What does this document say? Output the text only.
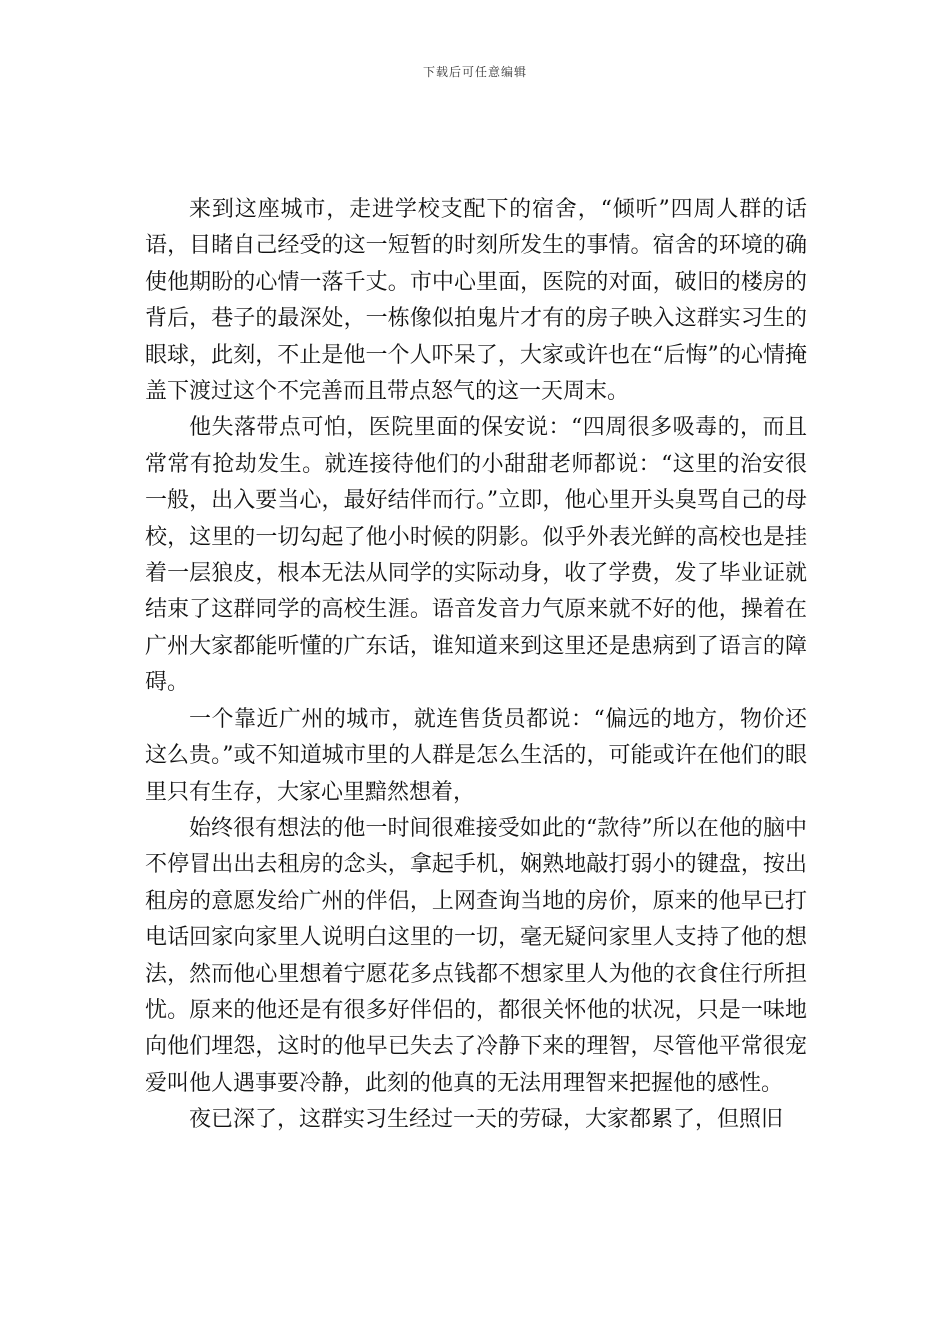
下载后可任意编辑

来到这座城市，走进学校支配下的宿舍，“倾听”四周人群的话语，目睹自己经受的这一短暂的时刻所发生的事情。宿舍的环境的确使他期盼的心情一落千丈。市中心里面，医院的对面，破旧的楼房的背后，巷子的最深处，一栋像似拍鬼片才有的房子映入这群实习生的眼球，此刻，不止是他一个人吓呆了，大家或许也在“后悔”的心情掩盖下渡过这个不完善而且带点怒气的这一天周末。

他失落带点可怕，医院里面的保安说：“四周很多吸毒的，而且常常有抢劫发生。就连接待他们的小甜甜老师都说：“这里的治安很一般，出入要当心，最好结伴而行。”立即，他心里开头臭骂自己的母校，这里的一切勾起了他小时候的阴影。似乎外表光鲜的高校也是挂着一层狼皮，根本无法从同学的实际动身，收了学费，发了毕业证就结束了这群同学的高校生涯。语音发音力气原来就不好的他，操着在广州大家都能听懂的广东话，谁知道来到这里还是患病到了语言的障碍。

一个靠近广州的城市，就连售货员都说：“偏远的地方，物价还这么贵。”或不知道城市里的人群是怎么生活的，可能或许在他们的眼里只有生存，大家心里黯然想着，

始终很有想法的他一时间很难接受如此的“款待”所以在他的脑中不停冒出出去租房的念头，拿起手机，娴熟地敲打弱小的键盘，按出租房的意愿发给广州的伴侣，上网查询当地的房价，原来的他早已打电话回家向家里人说明白这里的一切，毫无疑问家里人支持了他的想法，然而他心里想着宁愿花多点钱都不想家里人为他的衣食住行所担忧。原来的他还是有很多好伴侣的，都很关怀他的状况，只是一味地向他们埋怨，这时的他早已失去了冷静下来的理智，尽管他平常很宠爱叫他人遇事要冷静，此刻的他真的无法用理智来把握他的感性。

夜已深了，这群实习生经过一天的劳碌，大家都累了，但照旧
